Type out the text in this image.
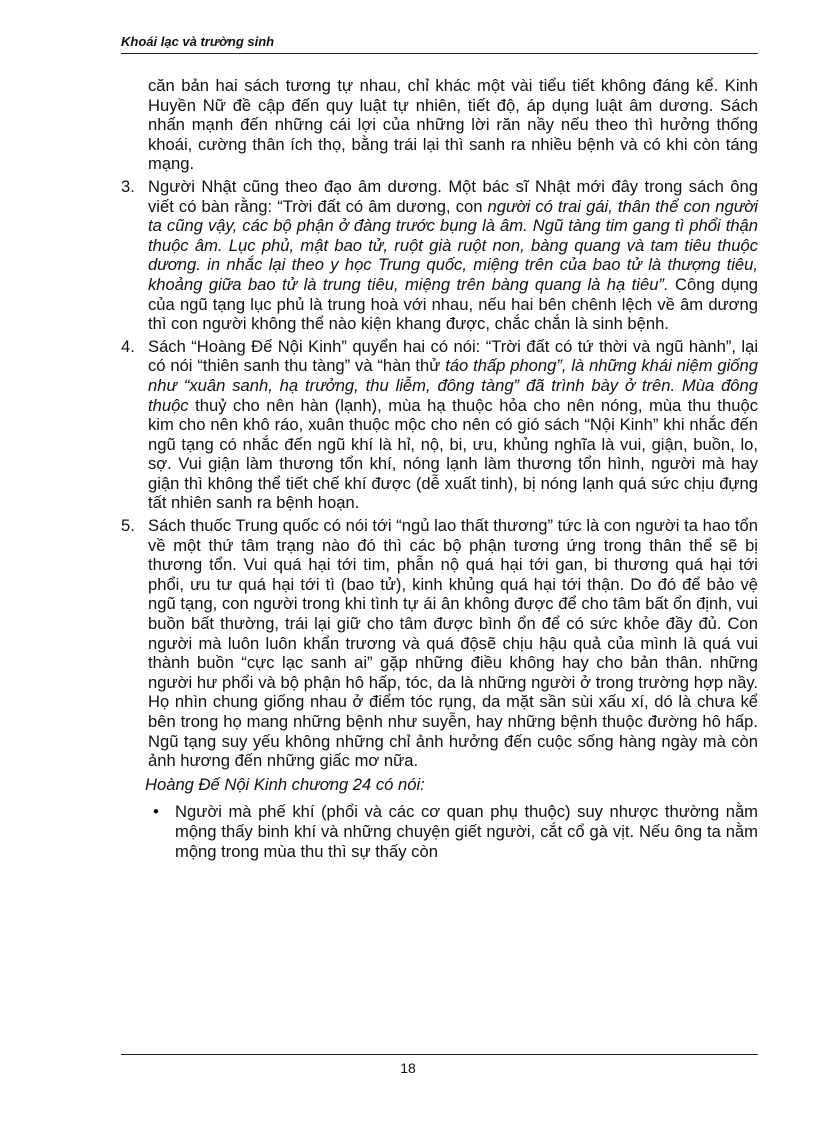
Khoái lạc và trường sinh

căn bản hai sách tương tự nhau, chỉ khác một vài tiểu tiết không đáng kể. Kinh Huyền Nữ đề cập đến quy luật tự nhiên, tiết độ, áp dụng luật âm dương. Sách nhấn mạnh đến những cái lợi của những lời răn nầy nếu theo thì hưởng thống khoái, cường thân ích thọ, bằng trái lại thì sanh ra nhiều bệnh và có khi còn táng mạng.

3. Người Nhật cũng theo đạo âm dương. Một bác sĩ Nhật mới đây trong sách ông viết có bàn rằng: “Trời đất có âm dương, con người có trai gái, thân thể con người ta cũng vậy, các bộ phận ở đàng trước bụng là âm. Ngũ tàng tim gang tì phổi thận thuộc âm. Lục phủ, mật bao tử, ruột già ruột non, bàng quang và tam tiêu thuộc dương. in nhắc lại theo y học Trung quốc, miệng trên của bao tử là thượng tiêu, khoảng giữa bao tử là trung tiêu, miệng trên bàng quang là hạ tiêu”. Công dụng của ngũ tạng lục phủ là trung hoà với nhau, nếu hai bên chênh lệch về âm dương thì con người không thể nào kiện khang được, chắc chắn là sinh bệnh.
4. Sách “Hoàng Đế Nội Kinh” quyển hai có nói: “Trời đất có tứ thời và ngũ hành”, lại có nói “thiên sanh thu tàng” và “hàn thử táo thấp phong”, là những khái niệm giống như “xuân sanh, hạ trưởng, thu liễm, đông tàng” đã trình bày ở trên. Mùa đông thuộc thuỷ cho nên hàn (lạnh), mùa hạ thuộc hỏa cho nên nóng, mùa thu thuộc kim cho nên khô ráo, xuân thuộc mộc cho nên có gió sách “Nội Kinh” khi nhắc đến ngũ tạng có nhắc đến ngũ khí là hỉ, nộ, bi, ưu, khủng nghĩa là vui, giận, buồn, lo, sợ. Vui giận làm thương tổn khí, nóng lạnh làm thương tổn hình, người mà hay giận thì không thể tiết chế khí được (dễ xuất tinh), bị nóng lạnh quá sức chịu đựng tất nhiên sanh ra bệnh hoạn.
5. Sách thuốc Trung quốc có nói tới “ngủ lao thất thương” tức là con người ta hao tổn về một thứ tâm trạng nào đó thì các bộ phận tương ứng trong thân thể sẽ bị thương tổn. Vui quá hại tới tim, phẫn nộ quá hại tới gan, bi thương quá hại tới phổi, ưu tư quá hại tới tì (bao tử), kinh khủng quá hại tới thận. Do đó để bảo vệ ngũ tạng, con người trong khi tình tự ái ân không được để cho tâm bất ổn định, vui buồn bất thường, trái lại giữ cho tâm được bình ổn để có sức khỏe đầy đủ. Con người mà luôn luôn khẩn trương và quá độsẽ chịu hậu quả của mình là quá vui thành buồn “cực lạc sanh ai” gặp những điều không hay cho bản thân. những người hư phổi và bộ phận hô hấp, tóc, da là những người ở trong trường hợp nầy. Họ nhìn chung giống nhau ở điểm tóc rụng, da mặt sần sùi xấu xí, dó là chưa kể bên trong họ mang những bệnh như suyễn, hay những bệnh thuộc đường hô hấp. Ngũ tạng suy yếu không những chỉ ảnh hưởng đến cuộc sống hàng ngày mà còn ảnh hương đến những giấc mơ nữa.

Hoàng Đế Nội Kinh chương 24 có nói:

• Người mà phế khí (phổi và các cơ quan phụ thuộc) suy nhược thường nằm mộng thấy binh khí và những chuyện giết người, cắt cổ gà vịt. Nếu ông ta nằm mộng trong mùa thu thì sự thấy còn
18
